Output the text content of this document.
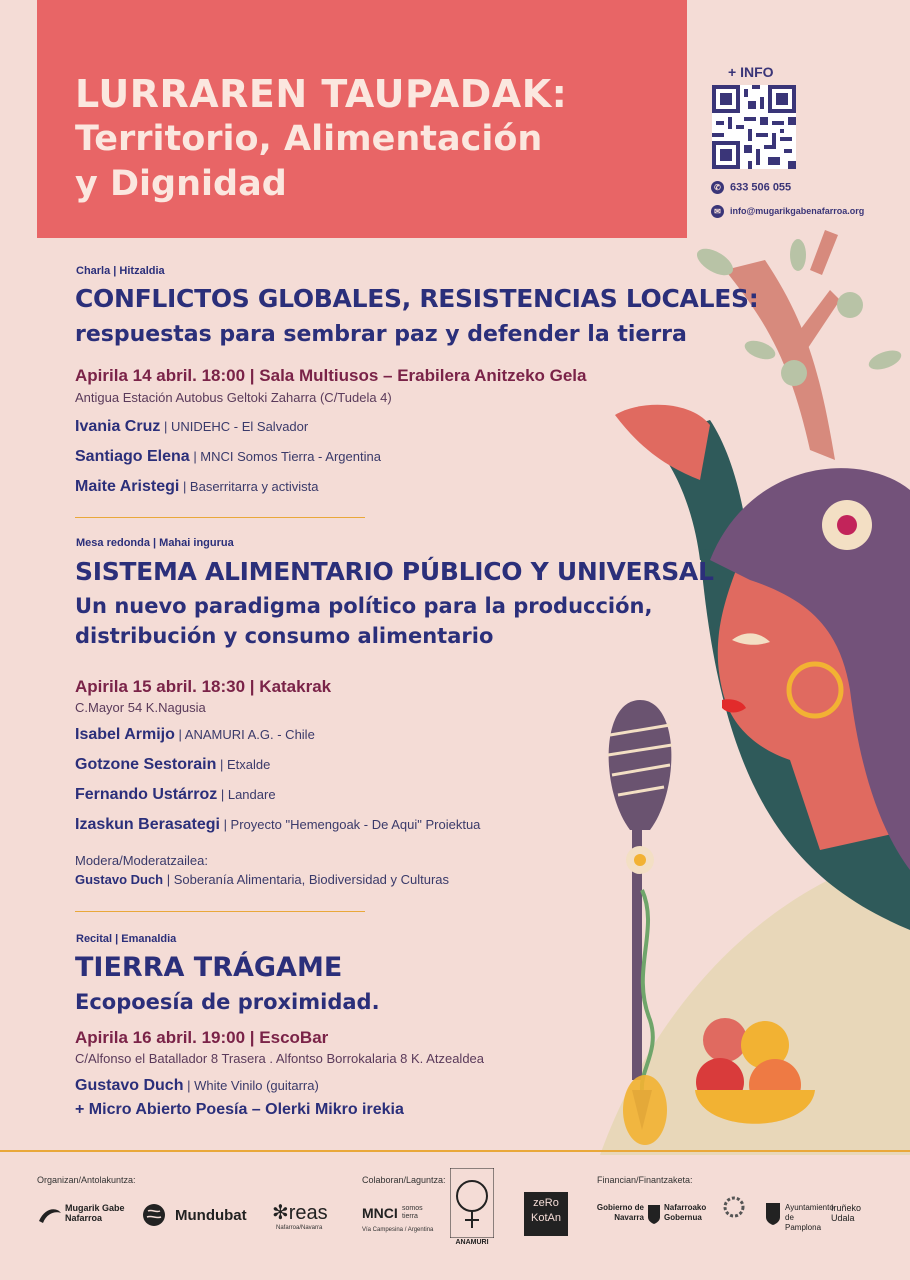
LURRAREN TAUPADAK:
Territorio, Alimentación
y Dignidad
+ INFO
✆ 633 506 055
✉ info@mugarikgabenafarroa.org
Charla | Hitzaldia
CONFLICTOS GLOBALES, RESISTENCIAS LOCALES:
respuestas para sembrar paz y defender la tierra
Apirila 14 abril. 18:00 | Sala Multiusos – Erabilera Anitzeko Gela
Antigua Estación Autobus Geltoki Zaharra (C/Tudela 4)
Ivania Cruz | UNIDEHC - El Salvador
Santiago Elena | MNCI Somos Tierra - Argentina
Maite Aristegi | Baserritarra y activista
Mesa redonda | Mahai ingurua
SISTEMA ALIMENTARIO PÚBLICO Y UNIVERSAL
Un nuevo paradigma político para la producción,
distribución y consumo alimentario
Apirila 15 abril. 18:30 | Katakrak
C.Mayor 54 K.Nagusia
Isabel Armijo | ANAMURI A.G. - Chile
Gotzone Sestorain | Etxalde
Fernando Ustárroz | Landare
Izaskun Berasategi | Proyecto "Hemengoak - De Aqui" Proiektua
Modera/Moderatzailea:
Gustavo Duch | Soberanía Alimentaria, Biodiversidad y Culturas
Recital | Emanaldia
TIERRA TRÁGAME
Ecopoesía de proximidad.
Apirila 16 abril. 19:00 | EscoBar
C/Alfonso el Batallador 8 Trasera . Alfontso Borrokalaria 8 K. Atzealdea
Gustavo Duch | White Vinilo (guitarra)
+ Micro Abierto Poesía – Olerki Mikro irekia
Organizan/Antolakuntza:	Colaboran/Laguntza:	Financian/Finantzaketa:
Mugarik Gabe Nafarroa	Mundubat ✻reas
Nafarroa/Navarra
MNCI somos tierra
Vía Campesina / Argentina
ANAMURI
zeRo
KotAn
Gobierno de Navarra
Nafarroako Gobernua
Ayuntamiento de Pamplona
Iruñeko Udala
